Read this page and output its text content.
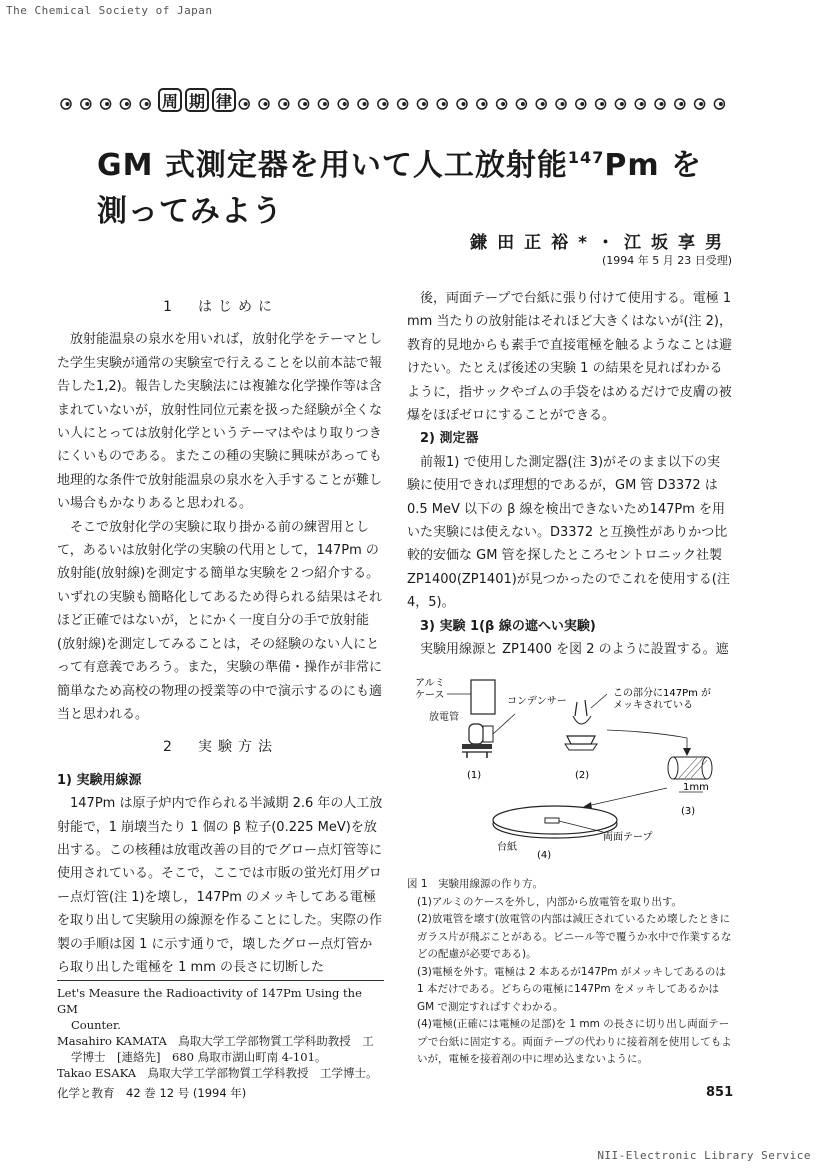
The Chemical Society of Japan
周 期 律
GM 式測定器を用いて人工放射能$^{147}$Pm を
測ってみよう
鎌田正裕*・江坂享男
(1994 年 5 月 23 日受理)

1　はじめに

放射能温泉の泉水を用いれば，放射化学をテーマとした学生実験が通常の実験室で行えることを以前本誌で報告した1,2)。報告した実験法には複雑な化学操作等は含まれていないが，放射性同位元素を扱った経験が全くない人にとっては放射化学というテーマはやはり取りつきにくいものである。またこの種の実験に興味があっても地理的な条件で放射能温泉の泉水を入手することが難しい場合もかなりあると思われる。

そこで放射化学の実験に取り掛かる前の練習用として，あるいは放射化学の実験の代用として，147Pm の放射能(放射線)を測定する簡単な実験を２つ紹介する。いずれの実験も簡略化してあるため得られる結果はそれほど正確ではないが，とにかく一度自分の手で放射能(放射線)を測定してみることは，その経験のない人にとって有意義であろう。また，実験の準備・操作が非常に簡単なため高校の物理の授業等の中で演示するのにも適当と思われる。

2　実験方法

1) 実験用線源

147Pm は原子炉内で作られる半減期 2.6 年の人工放射能で，1 崩壊当たり 1 個の β 粒子(0.225 MeV)を放出する。この核種は放電改善の目的でグロー点灯管等に使用されている。そこで，ここでは市販の蛍光灯用グロー点灯管(注 1)を壊し，147Pm のメッキしてある電極を取り出して実験用の線源を作ることにした。実際の作製の手順は図 1 に示す通りで，壊したグロー点灯管から取り出した電極を 1 mm の長さに切断した

後，両面テープで台紙に張り付けて使用する。電極 1 mm 当たりの放射能はそれほど大きくはないが(注 2)，教育的見地からも素手で直接電極を触るようなことは避けたい。たとえば後述の実験 1 の結果を見ればわかるように，指サックやゴムの手袋をはめるだけで皮膚の被爆をほぼゼロにすることができる。

2) 測定器

前報1) で使用した測定器(注 3)がそのまま以下の実験に使用できれば理想的であるが，GM 管 D3372 は 0.5 MeV 以下の β 線を検出できないため147Pm を用いた実験には使えない。D3372 と互換性がありかつ比較的安価な GM 管を探したところセントロニック社製 ZP1400(ZP1401)が見つかったのでこれを使用する(注 4，5)。

3) 実験 1(β 線の遮へい実験)

実験用線源と ZP1400 を図 2 のように設置する。遮

アルミ
ケース
放電管
コンデンサー
(1)
この部分に147Pm が
メッキされている
(2)
1mm
(3)
両面テープ
台紙
(4)

図 1　実験用線源の作り方。

(1)アルミのケースを外し，内部から放電管を取り出す。

(2)放電管を壊す(放電管の内部は減圧されているため壊したときにガラス片が飛ぶことがある。ビニール等で覆うか水中で作業するなどの配慮が必要である)。

(3)電極を外す。電極は 2 本あるが147Pm がメッキしてあるのは 1 本だけである。どちらの電極に147Pm をメッキしてあるかは GM で測定すればすぐわかる。

(4)電極(正確には電極の足部)を 1 mm の長さに切り出し両面テープで台紙に固定する。両面テープの代わりに接着剤を使用してもよいが，電極を接着剤の中に埋め込まないように。

Let's Measure the Radioactivity of 147Pm Using the GM
Counter.
Masahiro KAMATA　鳥取大学工学部物質工学科助教授　工
学博士　[連絡先]　680 鳥取市湖山町南 4-101。
Takao ESAKA　鳥取大学工学部物質工学科教授　工学博士。
化学と教育　42 巻 12 号 (1994 年)	851
NII-Electronic Library Service
